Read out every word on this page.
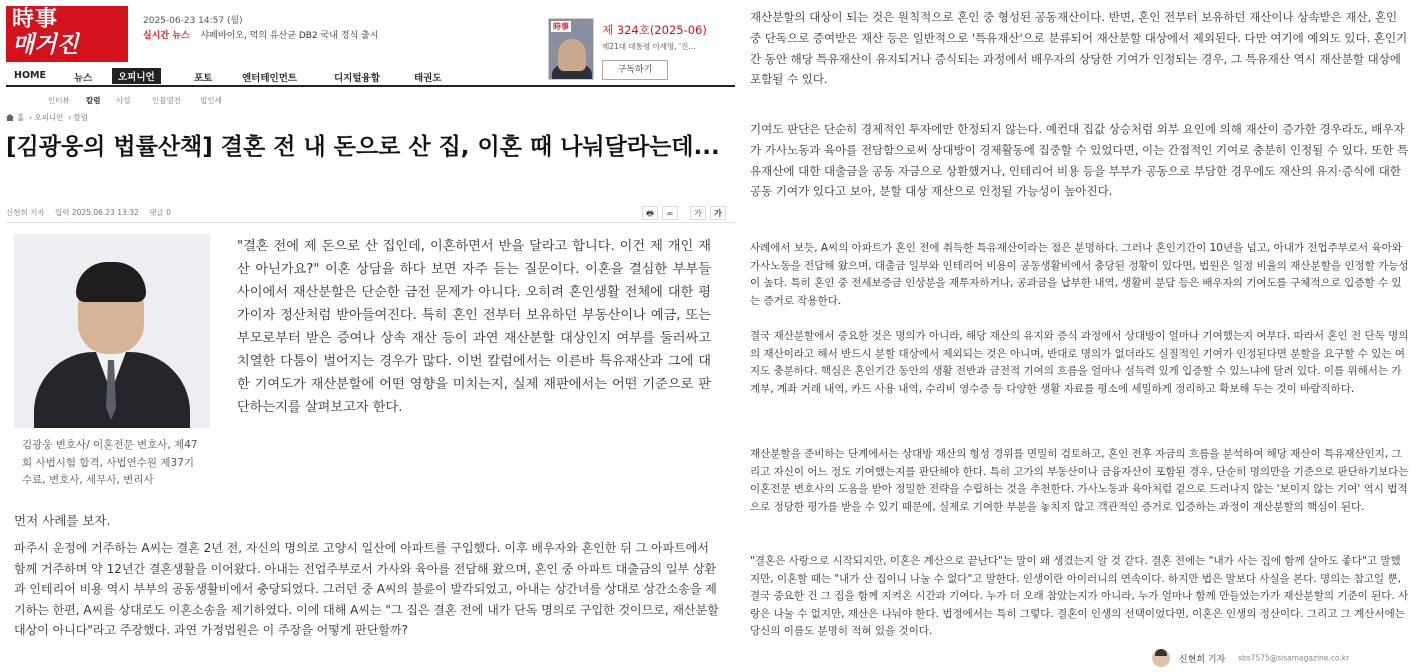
時事
매거진
2025-06-23 14:57 (월)
실시간 뉴스 샤페바이오, 먹의 유산균 DB2 국내 정식 출시
時事	제 324호(2025-06)
제21대 대통령 이재명, '진...
구독하기
HOME	뉴스	오피니언	포토	엔터테인먼트	디지털융합	태권도
인터뷰 칼럼 사설	인물열전	법인세
홈  › 오피니언  › 칼럼
[김광웅의 법률산책] 결혼 전 내 돈으로 산 집, 이혼 때 나눠달라는데...
신현희 기자 입력 2025.06.23 13:32 댓글 0	🖶	∞	가	가
김광웅 변호사/ 이혼전문 변호사, 제47회 사법시험 합격, 사법연수원 제37기 수료, 변호사, 세무사, 변리사

"결혼 전에 제 돈으로 산 집인데, 이혼하면서 반을 달라고 합니다. 이건 제 개인 재산 아닌가요?" 이혼 상담을 하다 보면 자주 듣는 질문이다. 이혼을 결심한 부부들 사이에서 재산분할은 단순한 금전 문제가 아니다. 오히려 혼인생활 전체에 대한 평가이자 정산처럼 받아들여진다. 특히 혼인 전부터 보유하던 부동산이나 예금, 또는 부모로부터 받은 증여나 상속 재산 등이 과연 재산분할 대상인지 여부를 둘러싸고 치열한 다툼이 벌어지는 경우가 많다. 이번 칼럼에서는 이른바 특유재산과 그에 대한 기여도가 재산분할에 어떤 영향을 미치는지, 실제 재판에서는 어떤 기준으로 판단하는지를 살펴보고자 한다.

먼저 사례를 보자.

파주시 운정에 거주하는 A씨는 결혼 2년 전, 자신의 명의로 고양시 일산에 아파트를 구입했다. 이후 배우자와 혼인한 뒤 그 아파트에서 함께 거주하며 약 12년간 결혼생활을 이어왔다. 아내는 전업주부로서 가사와 육아를 전담해 왔으며, 혼인 중 아파트 대출금의 일부 상환과 인테리어 비용 역시 부부의 공동생활비에서 충당되었다. 그러던 중 A씨의 불륜이 발각되었고, 아내는 상간녀를 상대로 상간소송을 제기하는 한편, A씨를 상대로도 이혼소송을 제기하였다. 이에 대해 A씨는 "그 집은 결혼 전에 내가 단독 명의로 구입한 것이므로, 재산분할 대상이 아니다"라고 주장했다. 과연 가정법원은 이 주장을 어떻게 판단할까?

재산분할의 대상이 되는 것은 원칙적으로 혼인 중 형성된 공동재산이다. 반면, 혼인 전부터 보유하던 재산이나 상속받은 재산, 혼인 중 단독으로 증여받은 재산 등은 일반적으로 '특유재산'으로 분류되어 재산분할 대상에서 제외된다. 다만 여기에 예외도 있다. 혼인기간 동안 해당 특유재산이 유지되거나 증식되는 과정에서 배우자의 상당한 기여가 인정되는 경우, 그 특유재산 역시 재산분할 대상에 포함될 수 있다.

기여도 판단은 단순히 경제적인 투자에만 한정되지 않는다. 예컨대 집값 상승처럼 외부 요인에 의해 재산이 증가한 경우라도, 배우자가 가사노동과 육아를 전담함으로써 상대방이 경제활동에 집중할 수 있었다면, 이는 간접적인 기여로 충분히 인정될 수 있다. 또한 특유재산에 대한 대출금을 공동 자금으로 상환했거나, 인테리어 비용 등을 부부가 공동으로 부담한 경우에도 재산의 유지·증식에 대한 공동 기여가 있다고 보아, 분할 대상 재산으로 인정될 가능성이 높아진다.

사례에서 보듯, A씨의 아파트가 혼인 전에 취득한 특유재산이라는 점은 분명하다. 그러나 혼인기간이 10년을 넘고, 아내가 전업주부로서 육아와 가사노동을 전담해 왔으며, 대출금 일부와 인테리어 비용이 공동생활비에서 충당된 정황이 있다면, 법원은 일정 비율의 재산분할을 인정할 가능성이 높다. 특히 혼인 중 전세보증금 인상분을 재투자하거나, 공과금을 납부한 내역, 생활비 분담 등은 배우자의 기여도를 구체적으로 입증할 수 있는 증거로 작용한다.

결국 재산분할에서 중요한 것은 명의가 아니라, 해당 재산의 유지와 증식 과정에서 상대방이 얼마나 기여했는지 여부다. 따라서 혼인 전 단독 명의의 재산이라고 해서 반드시 분할 대상에서 제외되는 것은 아니며, 반대로 명의가 없더라도 실질적인 기여가 인정된다면 분할을 요구할 수 있는 여지도 충분하다. 핵심은 혼인기간 동안의 생활 전반과 금전적 기여의 흐름을 얼마나 설득력 있게 입증할 수 있느냐에 달려 있다. 이를 위해서는 가계부, 계좌 거래 내역, 카드 사용 내역, 수리비 영수증 등 다양한 생활 자료를 평소에 세밀하게 정리하고 확보해 두는 것이 바람직하다.

재산분할을 준비하는 단계에서는 상대방 재산의 형성 경위를 면밀히 검토하고, 혼인 전후 자금의 흐름을 분석하여 해당 재산이 특유재산인지, 그리고 자신이 어느 정도 기여했는지를 판단해야 한다. 특히 고가의 부동산이나 금융자산이 포함된 경우, 단순히 명의만을 기준으로 판단하기보다는 이혼전문 변호사의 도움을 받아 정밀한 전략을 수립하는 것을 추천한다. 가사노동과 육아처럼 겉으로 드러나지 않는 '보이지 않는 기여' 역시 법적으로 정당한 평가를 받을 수 있기 때문에, 실제로 기여한 부분을 놓치지 않고 객관적인 증거로 입증하는 과정이 재산분할의 핵심이 된다.

"결혼은 사랑으로 시작되지만, 이혼은 계산으로 끝난다"는 말이 왜 생겼는지 알 것 같다. 결혼 전에는 "내가 사는 집에 함께 살아도 좋다"고 말했지만, 이혼할 때는 "내가 산 집이니 나눌 수 없다"고 말한다. 인생이란 아이러니의 연속이다. 하지만 법은 말보다 사실을 본다. 명의는 참고일 뿐, 결국 중요한 건 그 집을 함께 지켜온 시간과 기여다. 누가 더 오래 참았는지가 아니라, 누가 얼마나 함께 만들었는가가 재산분할의 기준이 된다. 사랑은 나눌 수 없지만, 재산은 나눠야 한다. 법정에서는 특히 그렇다. 결혼이 인생의 선택이었다면, 이혼은 인생의 정산이다. 그리고 그 계산서에는 당신의 이름도 분명히 적혀 있을 것이다.

신현희 기자 sbs7575@sisamagazine.co.kr
